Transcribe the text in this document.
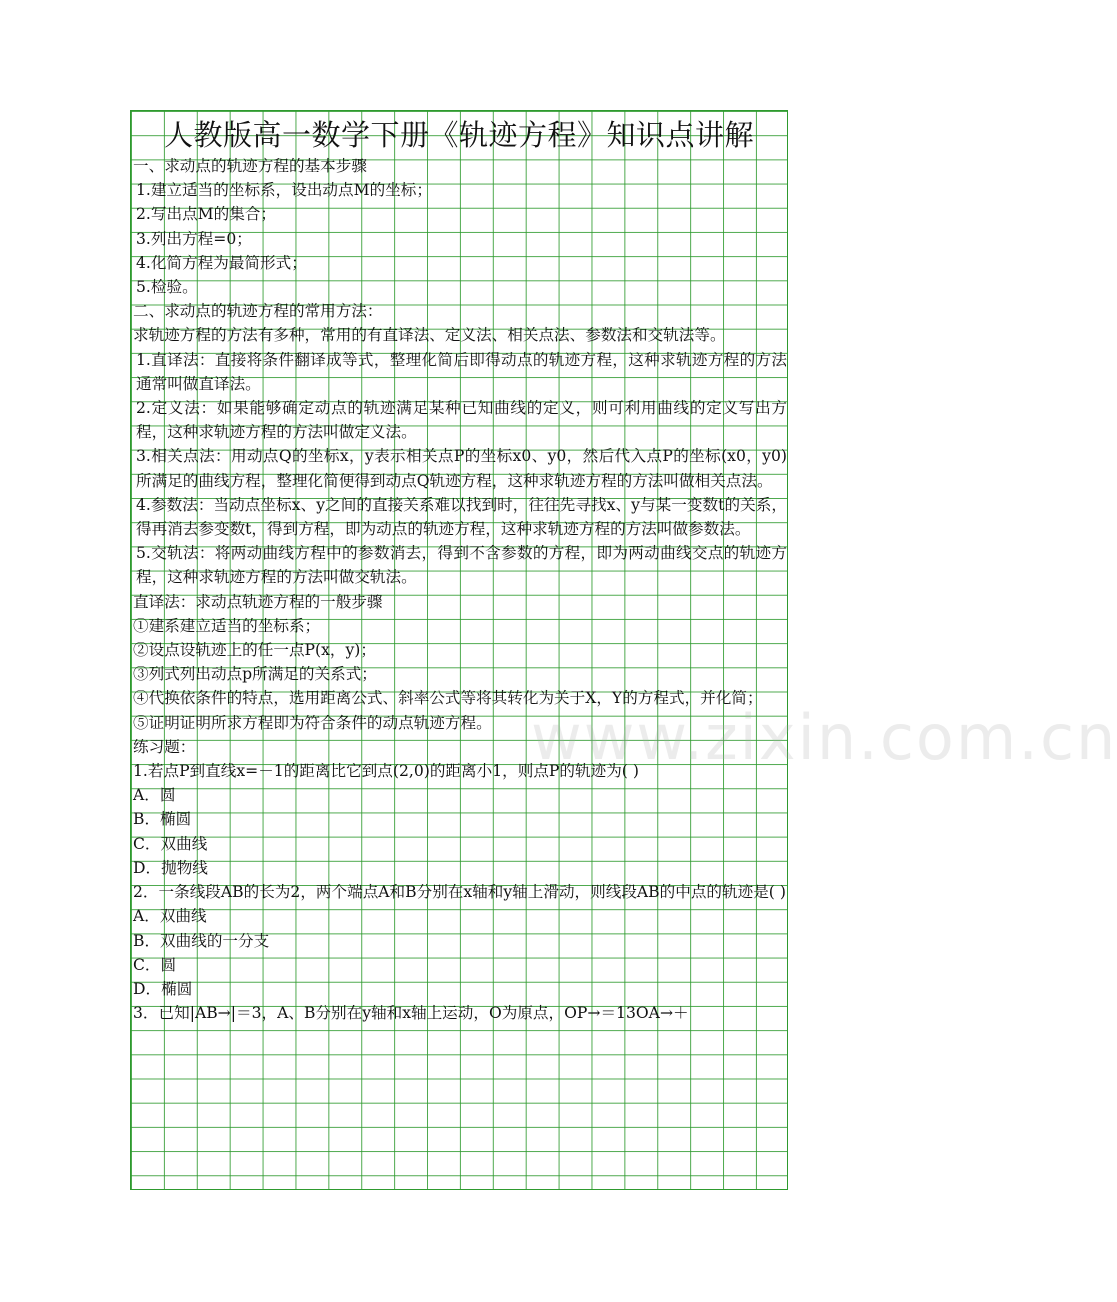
www.zixin.com.cn
人教版高一数学下册《轨迹方程》知识点讲解
一、求动点的轨迹方程的基本步骤
1.建立适当的坐标系，设出动点M的坐标；
2.写出点M的集合；
3.列出方程=0；
4.化简方程为最简形式；
5.检验。
二、求动点的轨迹方程的常用方法：
求轨迹方程的方法有多种，常用的有直译法、定义法、相关点法、参数法和交轨法等。
1.直译法：直接将条件翻译成等式，整理化简后即得动点的轨迹方程，这种求轨迹方程的方法通常叫做直译法。
2.定义法：如果能够确定动点的轨迹满足某种已知曲线的定义，则可利用曲线的定义写出方程，这种求轨迹方程的方法叫做定义法。
3.相关点法：用动点Q的坐标x，y表示相关点P的坐标x0、y0，然后代入点P的坐标(x0，y0)所满足的曲线方程，整理化简便得到动点Q轨迹方程，这种求轨迹方程的方法叫做相关点法。
4.参数法：当动点坐标x、y之间的直接关系难以找到时，往往先寻找x、y与某一变数t的关系，得再消去参变数t，得到方程，即为动点的轨迹方程，这种求轨迹方程的方法叫做参数法。
5.交轨法：将两动曲线方程中的参数消去，得到不含参数的方程，即为两动曲线交点的轨迹方程，这种求轨迹方程的方法叫做交轨法。
直译法：求动点轨迹方程的一般步骤
①建系建立适当的坐标系；
②设点设轨迹上的任一点P(x，y)；
③列式列出动点p所满足的关系式；
④代换依条件的特点，选用距离公式、斜率公式等将其转化为关于X，Y的方程式，并化简；
⑤证明证明所求方程即为符合条件的动点轨迹方程。
练习题：
1.若点P到直线x=－1的距离比它到点(2,0)的距离小1，则点P的轨迹为( )
A．圆
B．椭圆
C．双曲线
D．抛物线
2．一条线段AB的长为2，两个端点A和B分别在x轴和y轴上滑动，则线段AB的中点的轨迹是( )
A．双曲线
B．双曲线的一分支
C．圆
D．椭圆
3．已知|AB→|＝3，A、B分别在y轴和x轴上运动，O为原点，OP→＝13OA→＋
